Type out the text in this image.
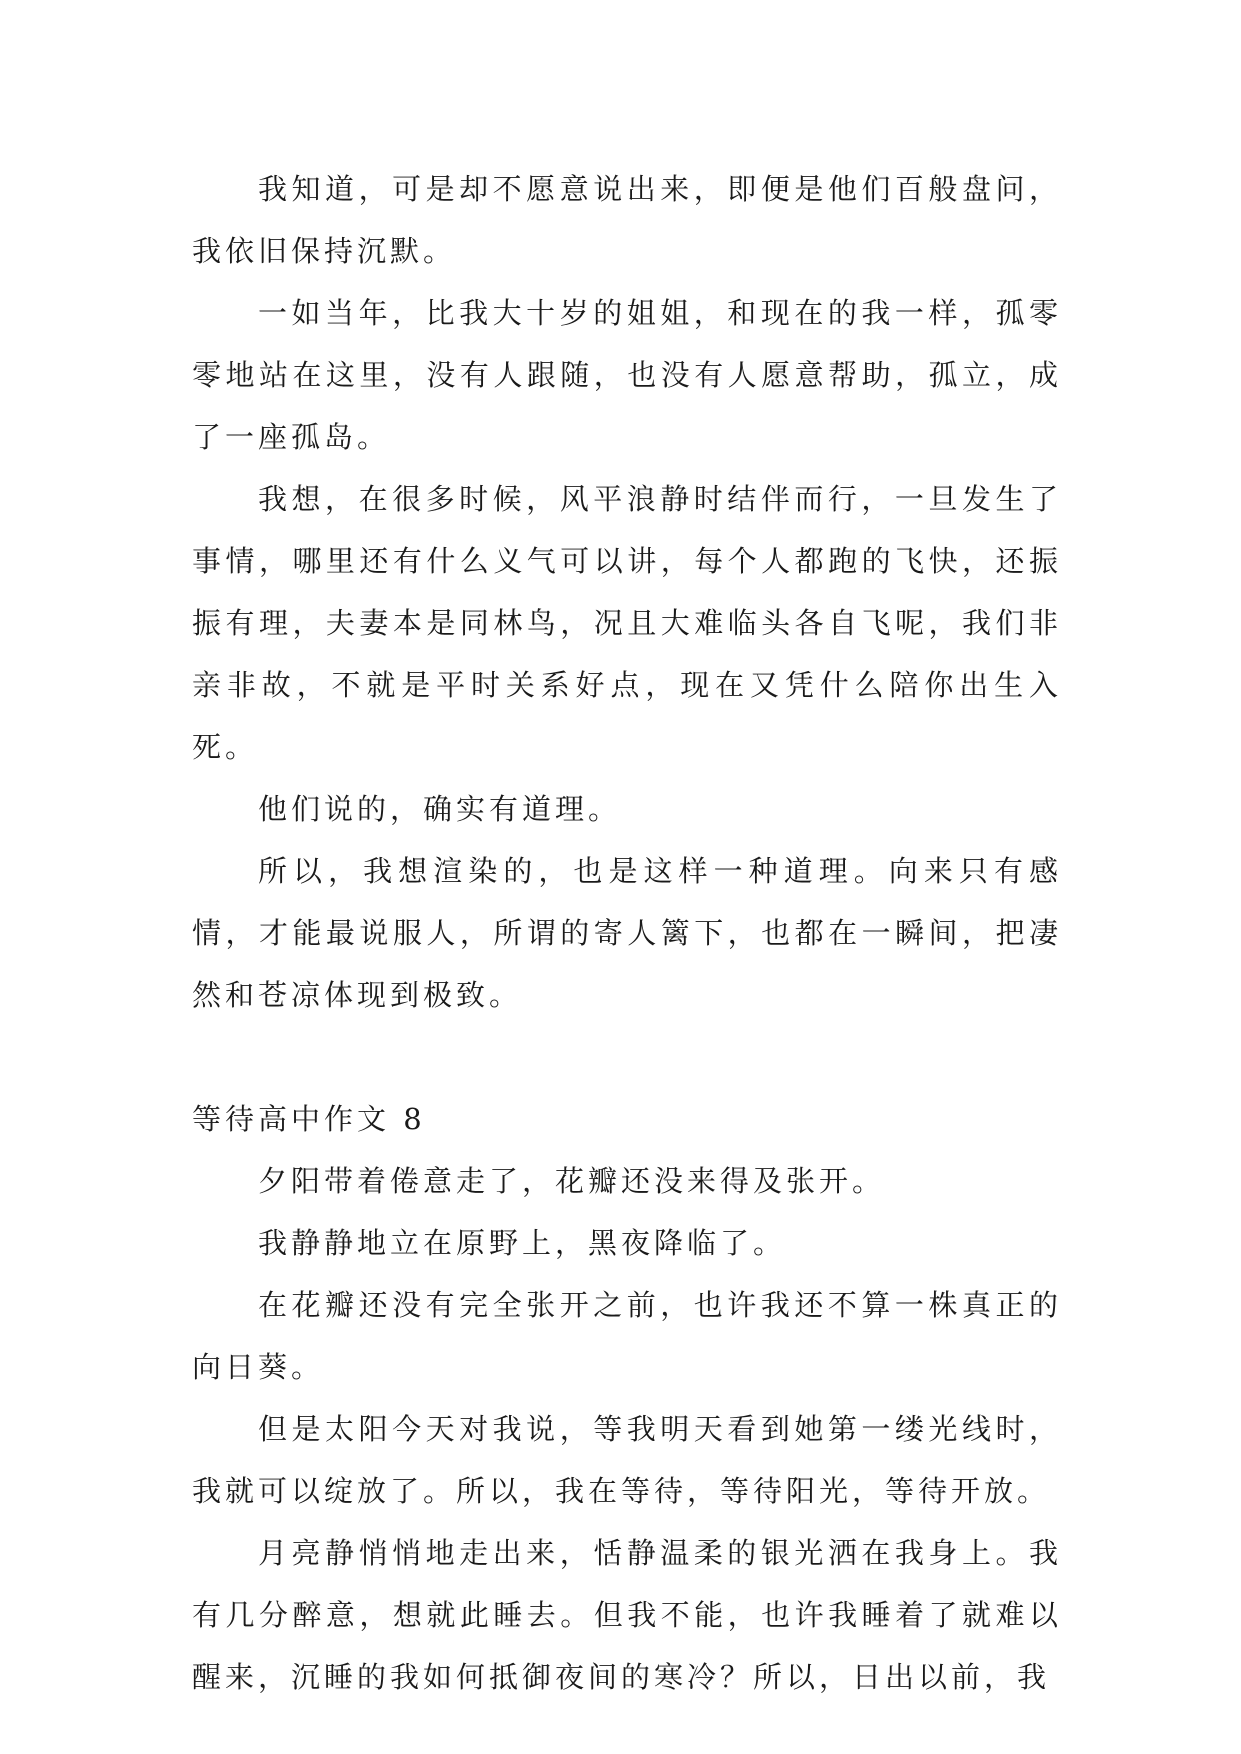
我知道，可是却不愿意说出来，即便是他们百般盘问，我依旧保持沉默。

一如当年，比我大十岁的姐姐，和现在的我一样，孤零零地站在这里，没有人跟随，也没有人愿意帮助，孤立，成了一座孤岛。

我想，在很多时候，风平浪静时结伴而行，一旦发生了事情，哪里还有什么义气可以讲，每个人都跑的飞快，还振振有理，夫妻本是同林鸟，况且大难临头各自飞呢，我们非亲非故，不就是平时关系好点，现在又凭什么陪你出生入死。

他们说的，确实有道理。

所以，我想渲染的，也是这样一种道理。向来只有感情，才能最说服人，所谓的寄人篱下，也都在一瞬间，把凄然和苍凉体现到极致。

等待高中作文 8

夕阳带着倦意走了，花瓣还没来得及张开。

我静静地立在原野上，黑夜降临了。

在花瓣还没有完全张开之前，也许我还不算一株真正的向日葵。

但是太阳今天对我说，等我明天看到她第一缕光线时，我就可以绽放了。所以，我在等待，等待阳光，等待开放。

月亮静悄悄地走出来，恬静温柔的银光洒在我身上。我有几分醉意，想就此睡去。但我不能，也许我睡着了就难以醒来，沉睡的我如何抵御夜间的寒冷？所以，日出以前，我
